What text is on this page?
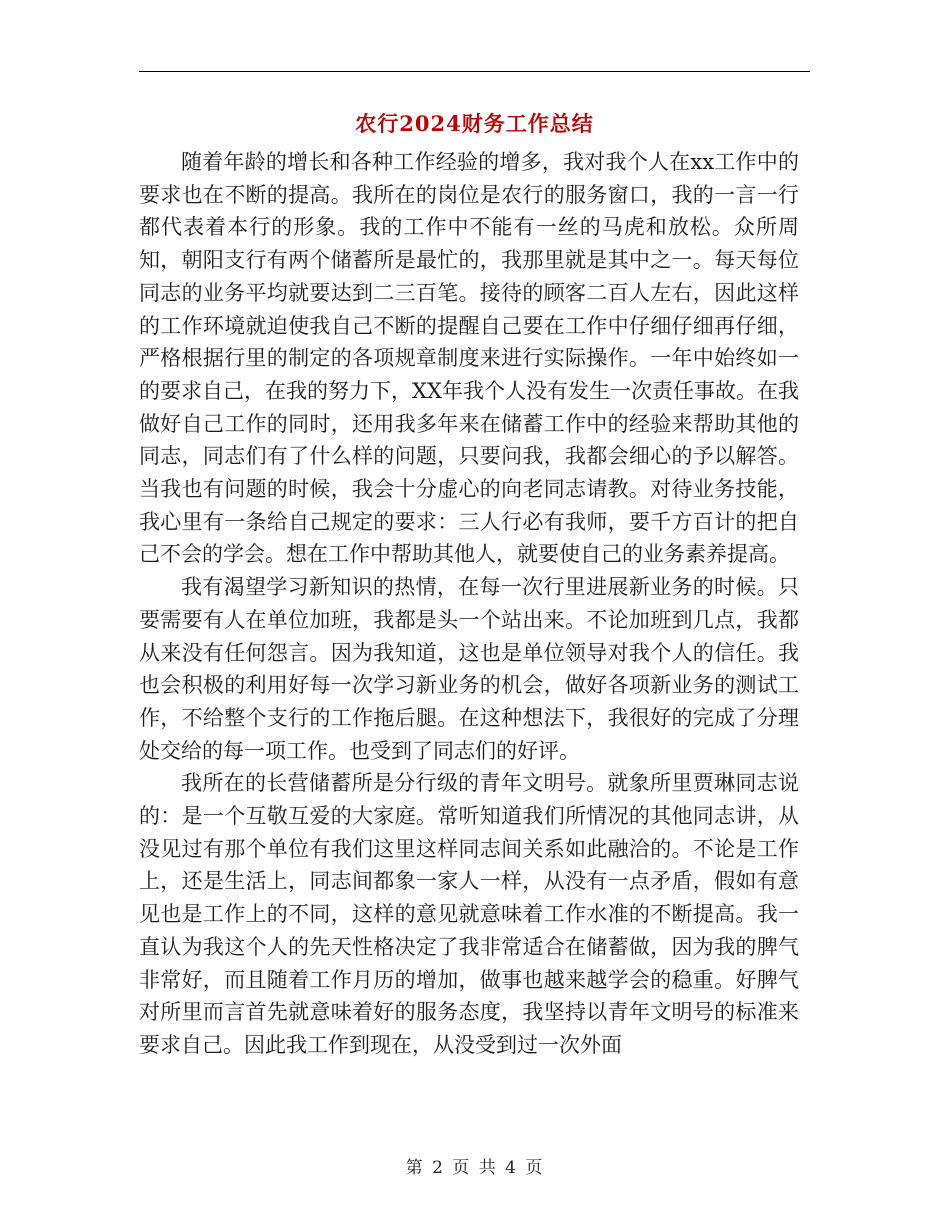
农行2024财务工作总结

随着年龄的增长和各种工作经验的增多，我对我个人在xx工作中的要求也在不断的提高。我所在的岗位是农行的服务窗口，我的一言一行都代表着本行的形象。我的工作中不能有一丝的马虎和放松。众所周知，朝阳支行有两个储蓄所是最忙的，我那里就是其中之一。每天每位同志的业务平均就要达到二三百笔。接待的顾客二百人左右，因此这样的工作环境就迫使我自己不断的提醒自己要在工作中仔细仔细再仔细，严格根据行里的制定的各项规章制度来进行实际操作。一年中始终如一的要求自己，在我的努力下，XX年我个人没有发生一次责任事故。在我做好自己工作的同时，还用我多年来在储蓄工作中的经验来帮助其他的同志，同志们有了什么样的问题，只要问我，我都会细心的予以解答。当我也有问题的时候，我会十分虚心的向老同志请教。对待业务技能，我心里有一条给自己规定的要求：三人行必有我师，要千方百计的把自己不会的学会。想在工作中帮助其他人，就要使自己的业务素养提高。

我有渴望学习新知识的热情，在每一次行里进展新业务的时候。只要需要有人在单位加班，我都是头一个站出来。不论加班到几点，我都从来没有任何怨言。因为我知道，这也是单位领导对我个人的信任。我也会积极的利用好每一次学习新业务的机会，做好各项新业务的测试工作，不给整个支行的工作拖后腿。在这种想法下，我很好的完成了分理处交给的每一项工作。也受到了同志们的好评。

我所在的长营储蓄所是分行级的青年文明号。就象所里贾琳同志说的：是一个互敬互爱的大家庭。常听知道我们所情况的其他同志讲，从没见过有那个单位有我们这里这样同志间关系如此融洽的。不论是工作上，还是生活上，同志间都象一家人一样，从没有一点矛盾，假如有意见也是工作上的不同，这样的意见就意味着工作水准的不断提高。我一直认为我这个人的先天性格决定了我非常适合在储蓄做，因为我的脾气非常好，而且随着工作月历的增加，做事也越来越学会的稳重。好脾气对所里而言首先就意味着好的服务态度，我坚持以青年文明号的标准来要求自己。因此我工作到现在，从没受到过一次外面

第 2 页 共 4 页
